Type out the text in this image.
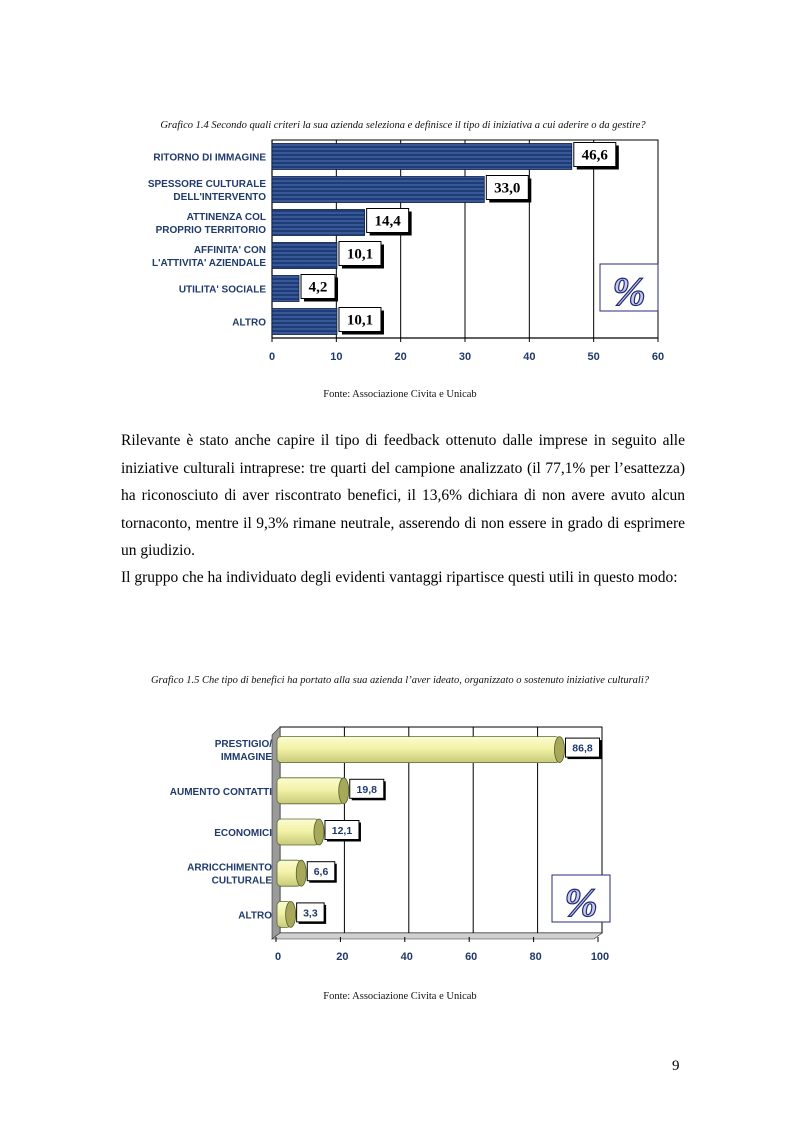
Grafico 1.4 Secondo quali criteri la sua azienda seleziona e definisce il tipo di iniziativa a cui aderire o da gestire?
RITORNO DI IMMAGINE
SPESSORE CULTURALE DELL'INTERVENTO
ATTINENZA COL PROPRIO TERRITORIO
AFFINITA' CON L'ATTIVITA' AZIENDALE
UTILITA' SOCIALE
ALTRO
0	10	20	30	40	50	60
46,6
33,0
14,4
10,1
4,2
10,1
%
Fonte: Associazione Civita e Unicab

Rilevante è stato anche capire il tipo di feedback ottenuto dalle imprese in seguito alle iniziative culturali intraprese: tre quarti del campione analizzato (il 77,1% per l’esattezza) ha riconosciuto di aver riscontrato benefici, il 13,6% dichiara di non avere avuto alcun tornaconto, mentre il 9,3% rimane neutrale, asserendo di non essere in grado di esprimere un giudizio.

Il gruppo che ha individuato degli evidenti vantaggi ripartisce questi utili in questo modo:

Grafico 1.5 Che tipo di benefici ha portato alla sua azienda l’aver ideato, organizzato o sostenuto iniziative culturali?
PRESTIGIO/ IMMAGINE
AUMENTO CONTATTI
ECONOMICI
ARRICCHIMENTO CULTURALE
ALTRO
0	20	40	60	80	100
86,8
19,8
12,1
6,6
3,3	%
Fonte: Associazione Civita e Unicab
9
